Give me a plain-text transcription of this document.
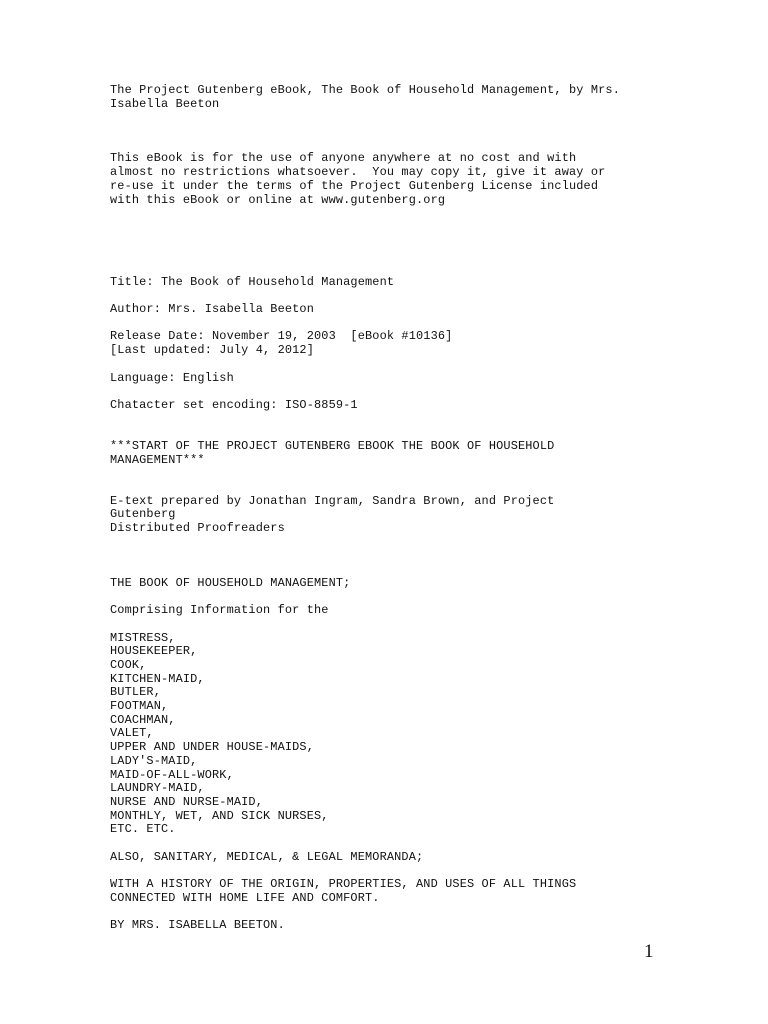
The Project Gutenberg eBook, The Book of Household Management, by Mrs.
Isabella Beeton
This eBook is for the use of anyone anywhere at no cost and with
almost no restrictions whatsoever.  You may copy it, give it away or
re-use it under the terms of the Project Gutenberg License included
with this eBook or online at www.gutenberg.org
Title: The Book of Household Management
Author: Mrs. Isabella Beeton
Release Date: November 19, 2003  [eBook #10136]
[Last updated: July 4, 2012]
Language: English
Chatacter set encoding: ISO-8859-1
***START OF THE PROJECT GUTENBERG EBOOK THE BOOK OF HOUSEHOLD
MANAGEMENT***
E-text prepared by Jonathan Ingram, Sandra Brown, and Project
Gutenberg
Distributed Proofreaders
THE BOOK OF HOUSEHOLD MANAGEMENT;
Comprising Information for the
MISTRESS,
HOUSEKEEPER,
COOK,
KITCHEN-MAID,
BUTLER,
FOOTMAN,
COACHMAN,
VALET,
UPPER AND UNDER HOUSE-MAIDS,
LADY'S-MAID,
MAID-OF-ALL-WORK,
LAUNDRY-MAID,
NURSE AND NURSE-MAID,
MONTHLY, WET, AND SICK NURSES,
ETC. ETC.
ALSO, SANITARY, MEDICAL, & LEGAL MEMORANDA;
WITH A HISTORY OF THE ORIGIN, PROPERTIES, AND USES OF ALL THINGS
CONNECTED WITH HOME LIFE AND COMFORT.
BY MRS. ISABELLA BEETON.
1
